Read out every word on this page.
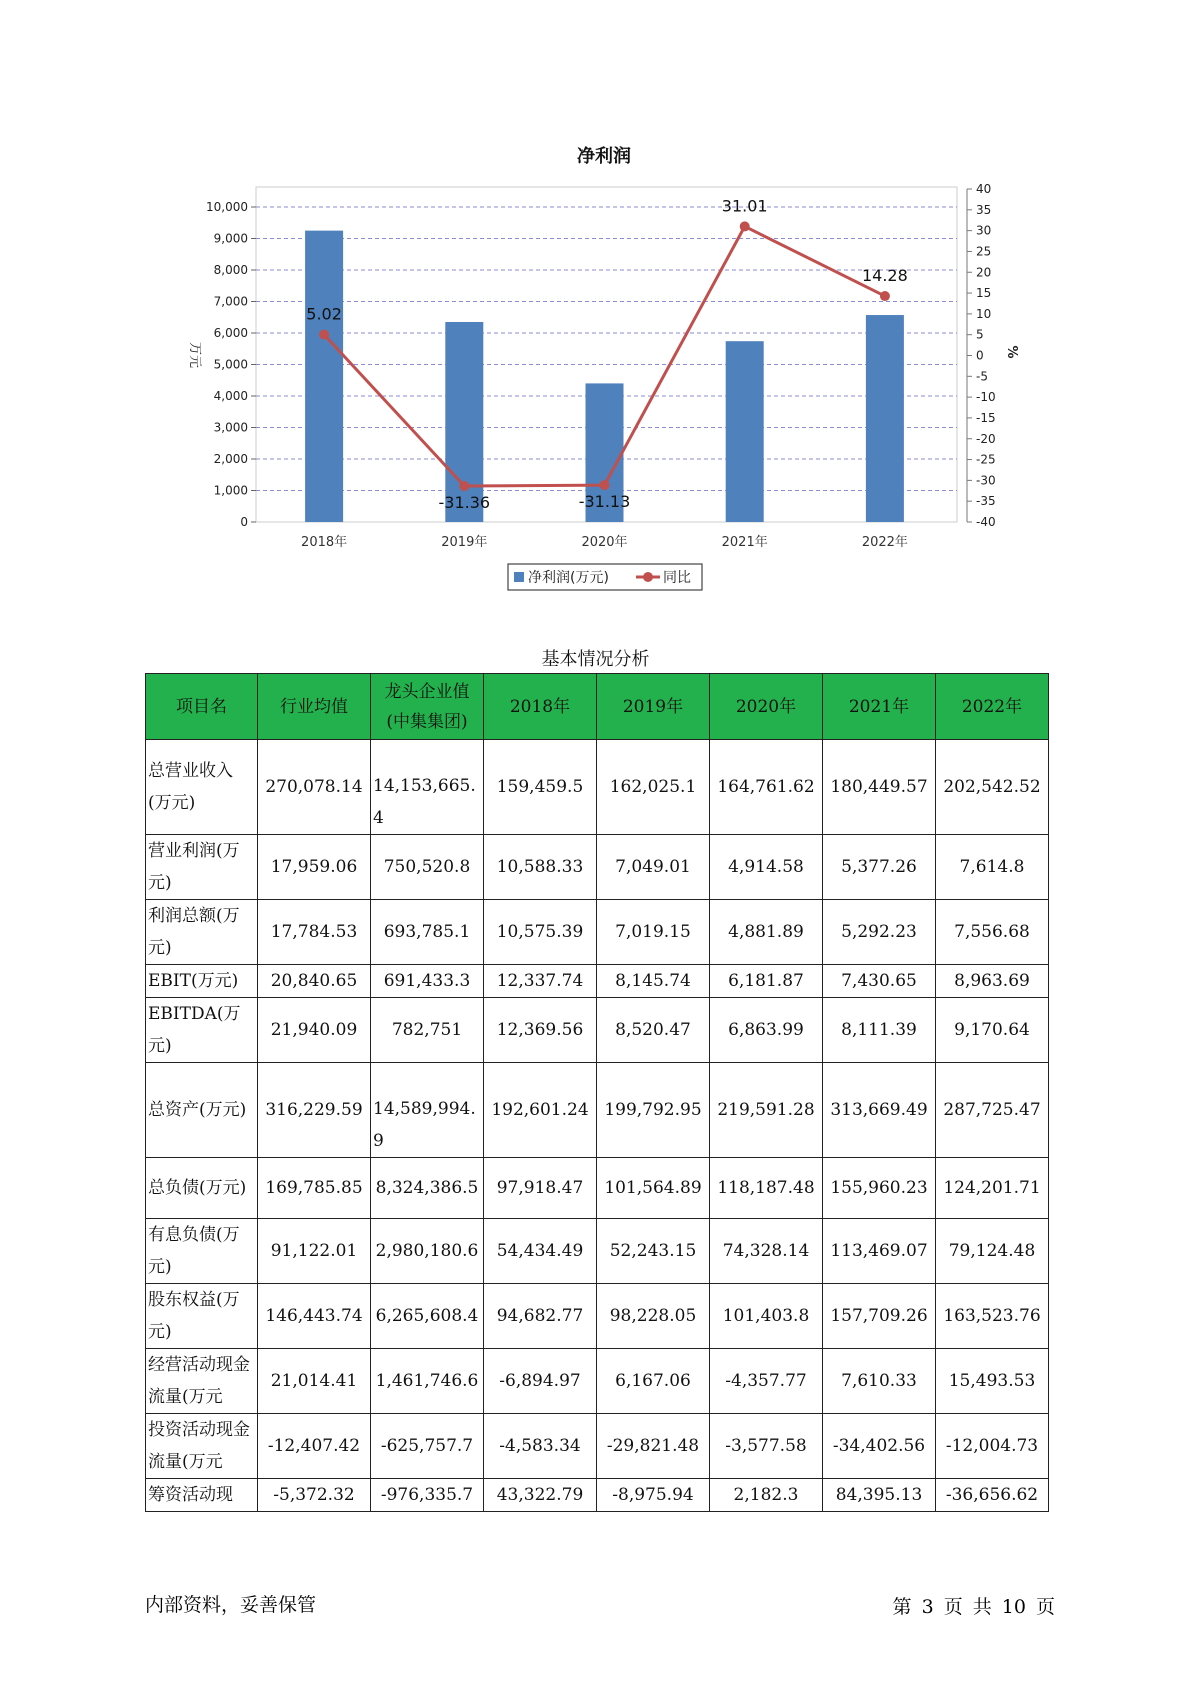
净利润
0
1,000
2,000
3,000
4,000
5,000
6,000
7,000
8,000
9,000
10,000
-40
-35
-30
-25
-20
-15
-10
-5
0
5
10
15
20
25
30
35
40
万元	%
2018年	2019年	2020年	2021年	2022年
5.02
-31.36	-31.13
31.01
14.28
净利润(万元)	同比
基本情况分析
项目名	行业均值	龙头企业值(中集集团)	2018年	2019年	2020年	2021年	2022年
总营业收入(万元)	270,078.14	14,153,665.4	159,459.5	162,025.1	164,761.62	180,449.57	202,542.52
营业利润(万元)	17,959.06	750,520.8	10,588.33	7,049.01	4,914.58	5,377.26	7,614.8
利润总额(万元)	17,784.53	693,785.1	10,575.39	7,019.15	4,881.89	5,292.23	7,556.68
EBIT(万元)	20,840.65	691,433.3	12,337.74	8,145.74	6,181.87	7,430.65	8,963.69
EBITDA(万元)	21,940.09	782,751	12,369.56	8,520.47	6,863.99	8,111.39	9,170.64
总资产(万元)	316,229.59	14,589,994.9	192,601.24	199,792.95	219,591.28	313,669.49	287,725.47
总负债(万元)	169,785.85	8,324,386.5	97,918.47	101,564.89	118,187.48	155,960.23	124,201.71
有息负债(万元)	91,122.01	2,980,180.6	54,434.49	52,243.15	74,328.14	113,469.07	79,124.48
股东权益(万元)	146,443.74	6,265,608.4	94,682.77	98,228.05	101,403.8	157,709.26	163,523.76
经营活动现金流量(万元	21,014.41	1,461,746.6	-6,894.97	6,167.06	-4,357.77	7,610.33	15,493.53
投资活动现金流量(万元	-12,407.42	-625,757.7	-4,583.34	-29,821.48	-3,577.58	-34,402.56	-12,004.73
筹资活动现	-5,372.32	-976,335.7	43,322.79	-8,975.94	2,182.3	84,395.13	-36,656.62
内部资料，妥善保管	第 3 页 共 10 页
